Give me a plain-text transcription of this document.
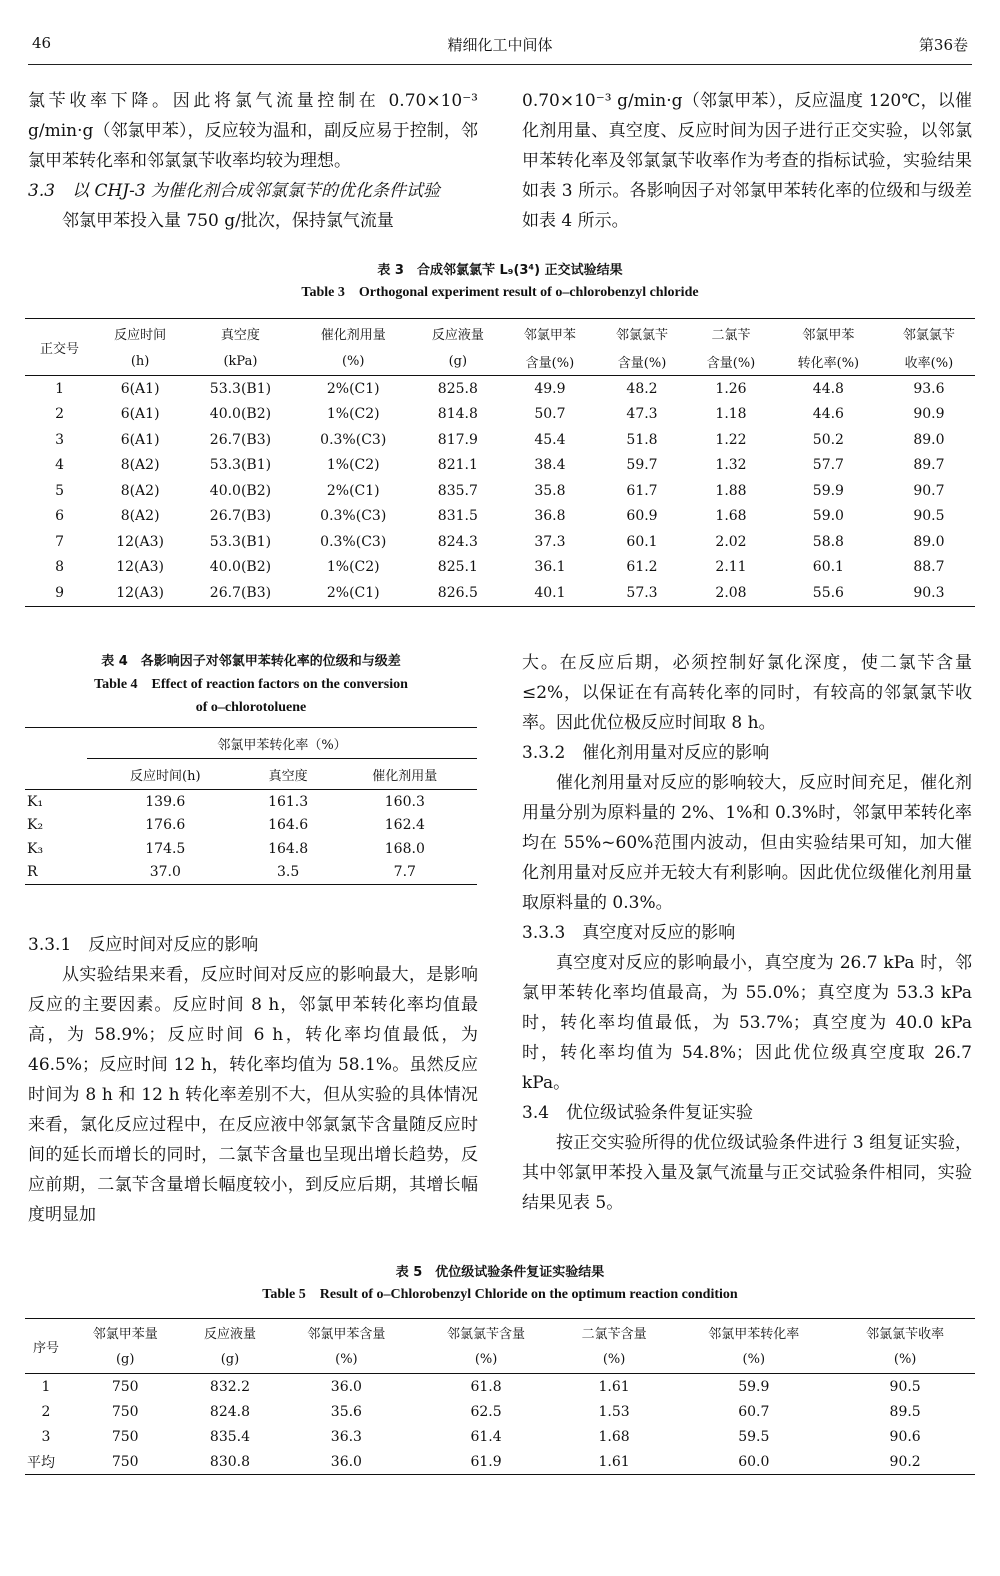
46	精细化工中间体	第36卷

氯苄收率下降。因此将氯气流量控制在 0.70×10⁻³ g/min·g（邻氯甲苯），反应较为温和，副反应易于控制，邻氯甲苯转化率和邻氯氯苄收率均较为理想。

3.3　以 CHJ-3 为催化剂合成邻氯氯苄的优化条件试验

邻氯甲苯投入量 750 g/批次，保持氯气流量

0.70×10⁻³ g/min·g（邻氯甲苯），反应温度 120℃，以催化剂用量、真空度、反应时间为因子进行正交实验，以邻氯甲苯转化率及邻氯氯苄收率作为考查的指标试验，实验结果如表 3 所示。各影响因子对邻氯甲苯转化率的位级和与级差如表 4 所示。

表 3　合成邻氯氯苄 L₉(3⁴) 正交试验结果
Table 3　Orthogonal experiment result of o–chlorobenzyl chloride
正交号	反应时间	真空度	催化剂用量	反应液量	邻氯甲苯	邻氯氯苄	二氯苄	邻氯甲苯	邻氯氯苄
	(h)	(kPa)	(%)	(g)	含量(%)	含量(%)	含量(%)	转化率(%)	收率(%)
1	6(A1)	53.3(B1)	2%(C1)	825.8	49.9	48.2	1.26	44.8	93.6
2	6(A1)	40.0(B2)	1%(C2)	814.8	50.7	47.3	1.18	44.6	90.9
3	6(A1)	26.7(B3)	0.3%(C3)	817.9	45.4	51.8	1.22	50.2	89.0
4	8(A2)	53.3(B1)	1%(C2)	821.1	38.4	59.7	1.32	57.7	89.7
5	8(A2)	40.0(B2)	2%(C1)	835.7	35.8	61.7	1.88	59.9	90.7
6	8(A2)	26.7(B3)	0.3%(C3)	831.5	36.8	60.9	1.68	59.0	90.5
7	12(A3)	53.3(B1)	0.3%(C3)	824.3	37.3	60.1	2.02	58.8	89.0
8	12(A3)	40.0(B2)	1%(C2)	825.1	36.1	61.2	2.11	60.1	88.7
9	12(A3)	26.7(B3)	2%(C1)	826.5	40.1	57.3	2.08	55.6	90.3
表 4　各影响因子对邻氯甲苯转化率的位级和与级差
Table 4　Effect of reaction factors on the conversion
of o–chlorotoluene
	邻氯甲苯转化率（%）		
	反应时间(h)	真空度	催化剂用量
K₁	139.6	161.3	160.3
K₂	176.6	164.6	162.4
K₃	174.5	164.8	168.0
R	37.0	3.5	7.7

3.3.1　反应时间对反应的影响

从实验结果来看，反应时间对反应的影响最大，是影响反应的主要因素。反应时间 8 h，邻氯甲苯转化率均值最高，为 58.9%；反应时间 6 h，转化率均值最低，为 46.5%；反应时间 12 h，转化率均值为 58.1%。虽然反应时间为 8 h 和 12 h 转化率差别不大，但从实验的具体情况来看，氯化反应过程中，在反应液中邻氯氯苄含量随反应时间的延长而增长的同时，二氯苄含量也呈现出增长趋势，反应前期，二氯苄含量增长幅度较小，到反应后期，其增长幅度明显加

大。在反应后期，必须控制好氯化深度，使二氯苄含量≤2%，以保证在有高转化率的同时，有较高的邻氯氯苄收率。因此优位极反应时间取 8 h。

3.3.2　催化剂用量对反应的影响

催化剂用量对反应的影响较大，反应时间充足，催化剂用量分别为原料量的 2%、1%和 0.3%时，邻氯甲苯转化率均在 55%~60%范围内波动，但由实验结果可知，加大催化剂用量对反应并无较大有利影响。因此优位级催化剂用量取原料量的 0.3%。

3.3.3　真空度对反应的影响

真空度对反应的影响最小，真空度为 26.7 kPa 时，邻氯甲苯转化率均值最高，为 55.0%；真空度为 53.3 kPa 时，转化率均值最低，为 53.7%；真空度为 40.0 kPa 时，转化率均值为 54.8%；因此优位级真空度取 26.7 kPa。

3.4　优位级试验条件复证实验

按正交实验所得的优位级试验条件进行 3 组复证实验，其中邻氯甲苯投入量及氯气流量与正交试验条件相同，实验结果见表 5。

表 5　优位级试验条件复证实验结果
Table 5　Result of o–Chlorobenzyl Chloride on the optimum reaction condition
序号	邻氯甲苯量	反应液量	邻氯甲苯含量	邻氯氯苄含量	二氯苄含量	邻氯甲苯转化率	邻氯氯苄收率
	(g)	(g)	(%)	(%)	(%)	(%)	(%)
1	750	832.2	36.0	61.8	1.61	59.9	90.5
2	750	824.8	35.6	62.5	1.53	60.7	89.5
3	750	835.4	36.3	61.4	1.68	59.5	90.6
平均	750	830.8	36.0	61.9	1.61	60.0	90.2
